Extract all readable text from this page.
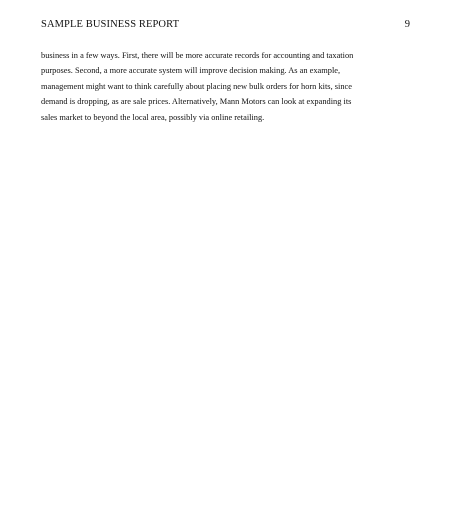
SAMPLE BUSINESS REPORT	9

business in a few ways. First, there will be more accurate records for accounting and taxation
purposes. Second, a more accurate system will improve decision making. As an example,
management might want to think carefully about placing new bulk orders for horn kits, since
demand is dropping, as are sale prices. Alternatively, Mann Motors can look at expanding its
sales market to beyond the local area, possibly via online retailing.
